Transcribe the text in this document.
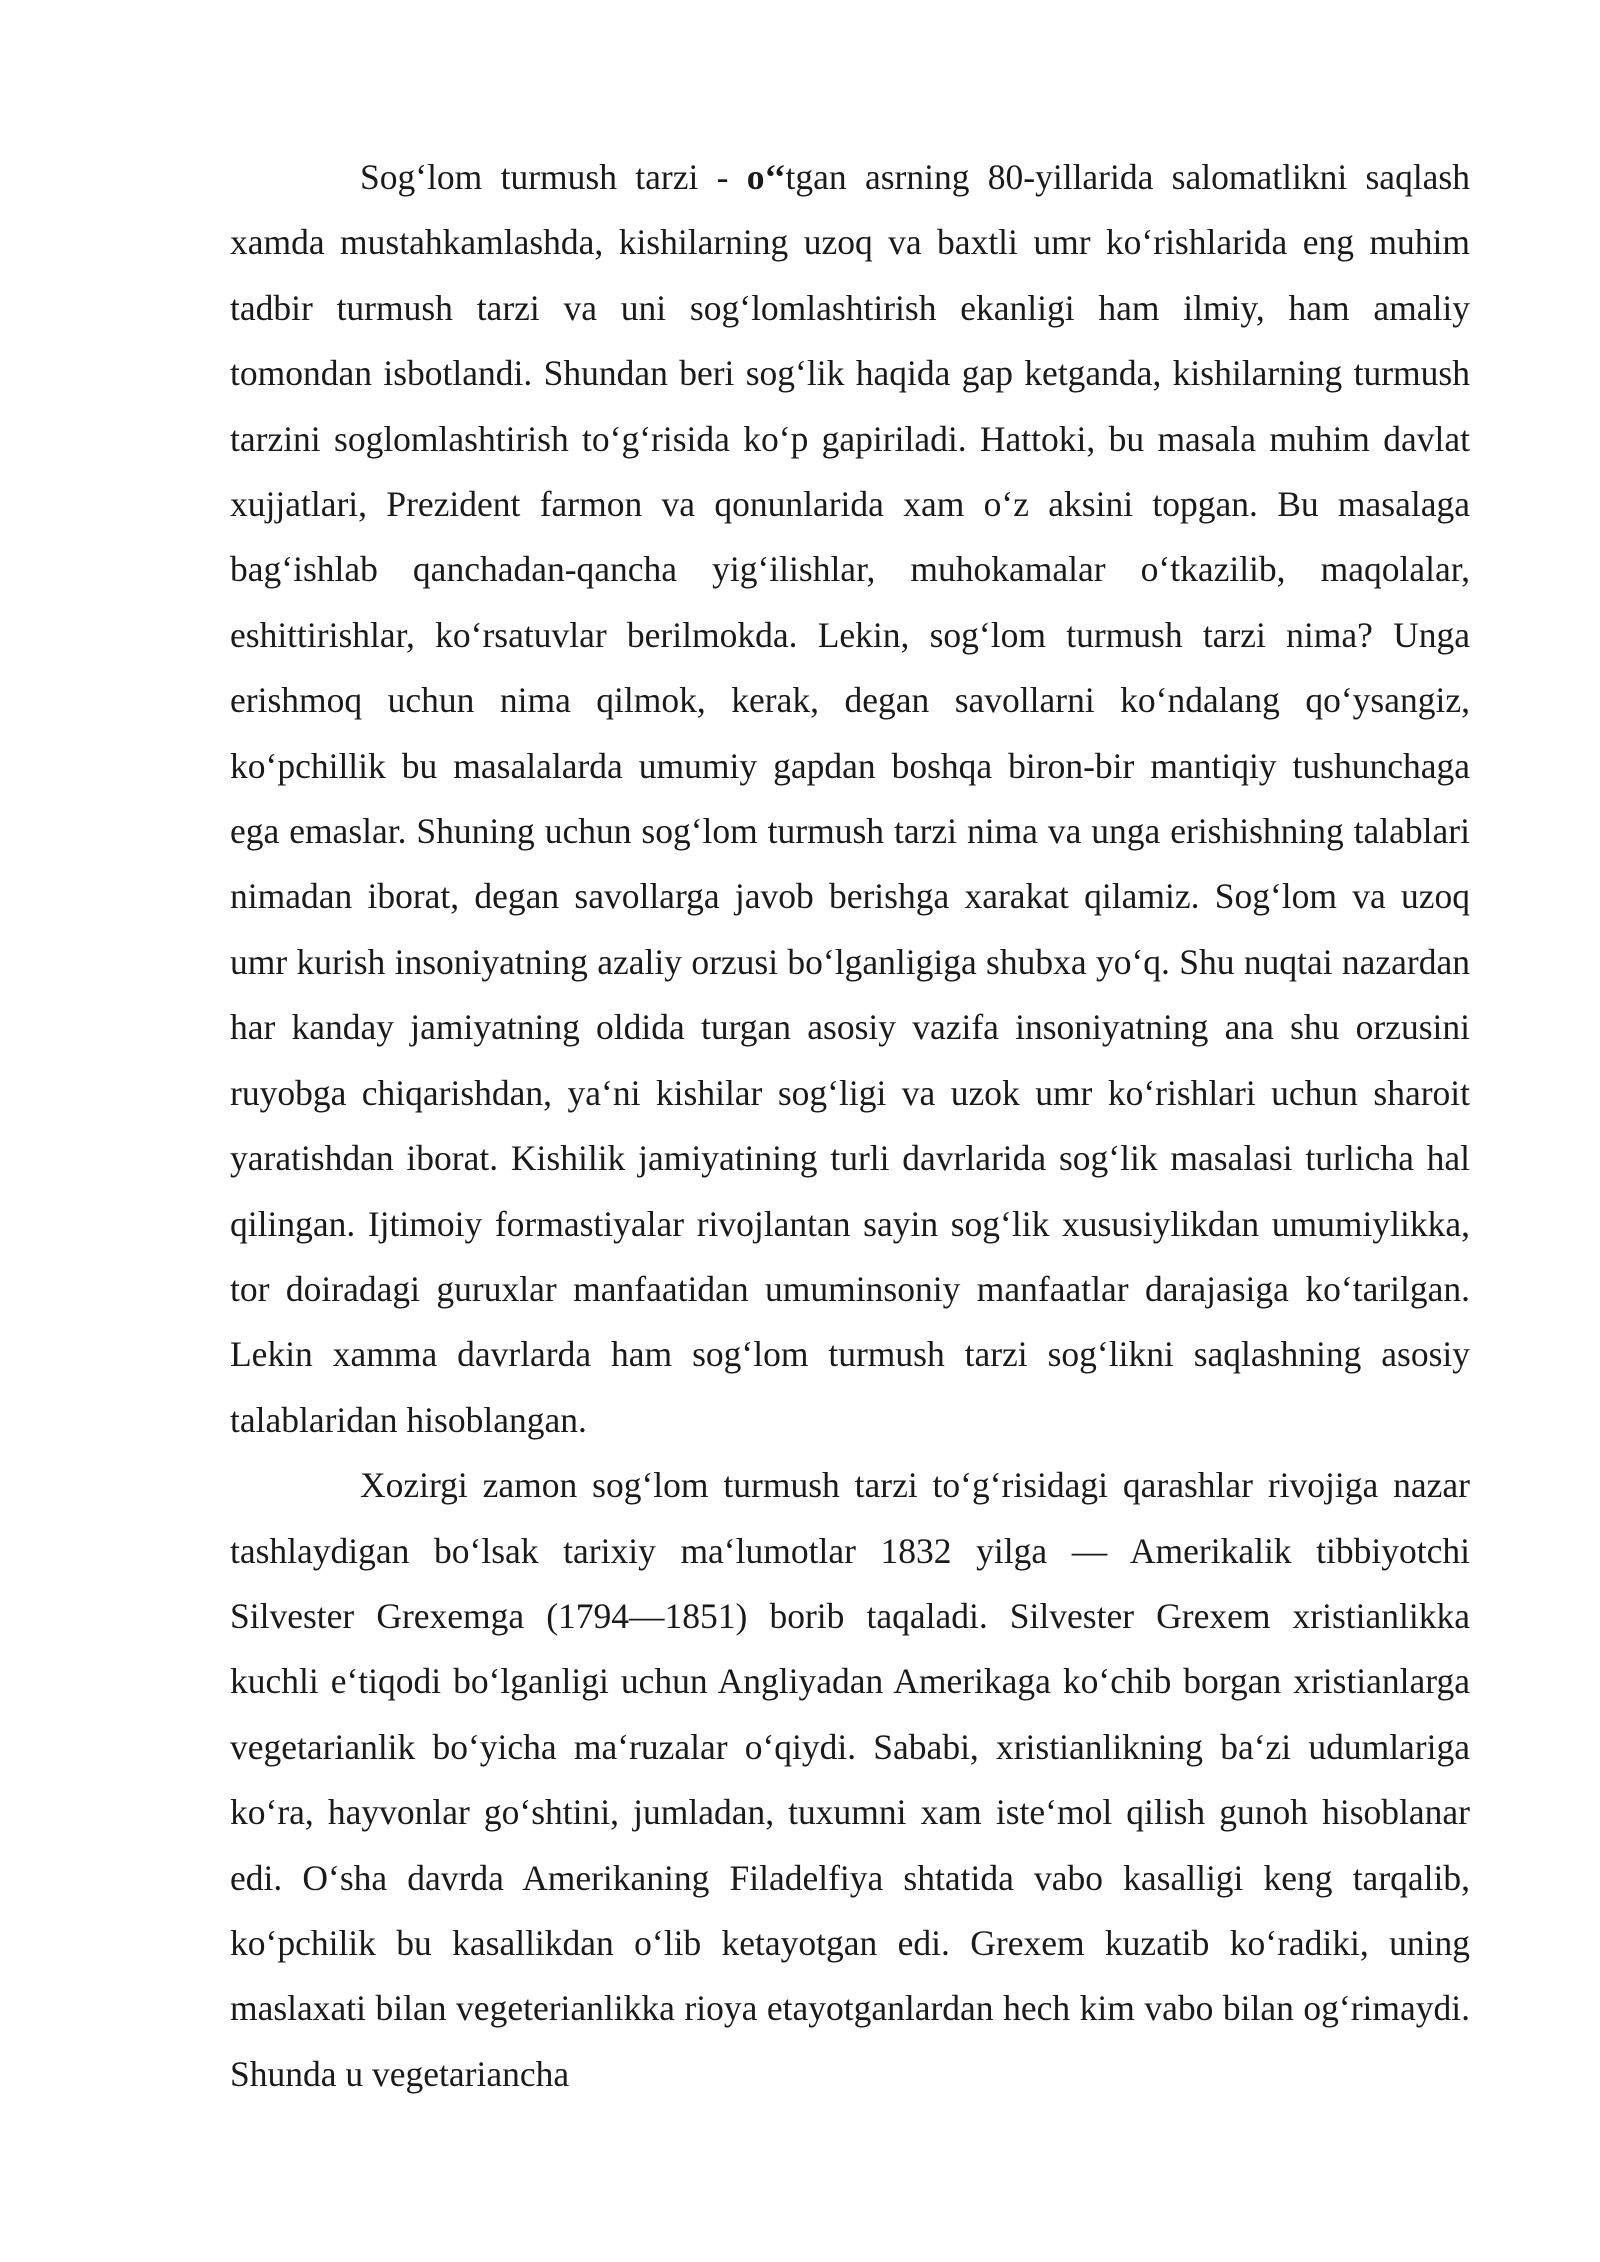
Sog‘lom turmush tarzi - o‘‘tgan asrning 80-yillarida salomatlikni saqlash xamda mustahkamlashda, kishilarning uzoq va baxtli umr ko‘rishlarida eng muhim tadbir turmush tarzi va uni sog‘lomlashtirish ekanligi ham ilmiy, ham amaliy tomondan isbotlandi. Shundan beri sog‘lik haqida gap ketganda, kishilarning turmush tarzini soglomlashtirish to‘g‘risida ko‘p gapiriladi. Hattoki, bu masala muhim davlat xujjatlari, Prezident farmon va qonunlarida xam o‘z aksini topgan. Bu masalaga bag‘ishlab qanchadan-qancha yig‘ilishlar, muhokamalar o‘tkazilib, maqolalar, eshittirishlar, ko‘rsatuvlar berilmokda. Lekin, sog‘lom turmush tarzi nima? Unga erishmoq uchun nima qilmok, kerak, degan savollarni ko‘ndalang qo‘ysangiz, ko‘pchillik bu masalalarda umumiy gapdan boshqa biron-bir mantiqiy tushunchaga ega emaslar. Shuning uchun sog‘lom turmush tarzi nima va unga erishishning talablari nimadan iborat, degan savollarga javob berishga xarakat qilamiz. Sog‘lom va uzoq umr kurish insoniyatning azaliy orzusi bo‘lganligiga shubxa yo‘q. Shu nuqtai nazardan har kanday jamiyatning oldida turgan asosiy vazifa insoniyatning ana shu orzusini ruyobga chiqarishdan, ya‘ni kishilar sog‘ligi va uzok umr ko‘rishlari uchun sharoit yaratishdan iborat. Kishilik jamiyatining turli davrlarida sog‘lik masalasi turlicha hal qilingan. Ijtimoiy formastiyalar rivojlantan sayin sog‘lik xususiylikdan umumiylikka, tor doiradagi guruxlar manfaatidan umuminsoniy manfaatlar darajasiga ko‘tarilgan. Lekin xamma davrlarda ham sog‘lom turmush tarzi sog‘likni saqlashning asosiy talablaridan hisoblangan.

Xozirgi zamon sog‘lom turmush tarzi to‘g‘risidagi qarashlar rivojiga nazar tashlaydigan bo‘lsak tarixiy ma‘lumotlar 1832 yilga — Amerikalik tibbiyotchi Silvester Grexemga (1794—1851) borib taqaladi. Silvester Grexem xristianlikka kuchli e‘tiqodi bo‘lganligi uchun Angliyadan Amerikaga ko‘chib borgan xristianlarga vegetarianlik bo‘yicha ma‘ruzalar o‘qiydi. Sababi, xristianlikning ba‘zi udumlariga ko‘ra, hayvonlar go‘shtini, jumladan, tuxumni xam iste‘mol qilish gunoh hisoblanar edi. O‘sha davrda Amerikaning Filadelfiya shtatida vabo kasalligi keng tarqalib, ko‘pchilik bu kasallikdan o‘lib ketayotgan edi. Grexem kuzatib ko‘radiki, uning maslaxati bilan vegeterianlikka rioya etayotganlardan hech kim vabo bilan og‘rimaydi. Shunda u vegetariancha
